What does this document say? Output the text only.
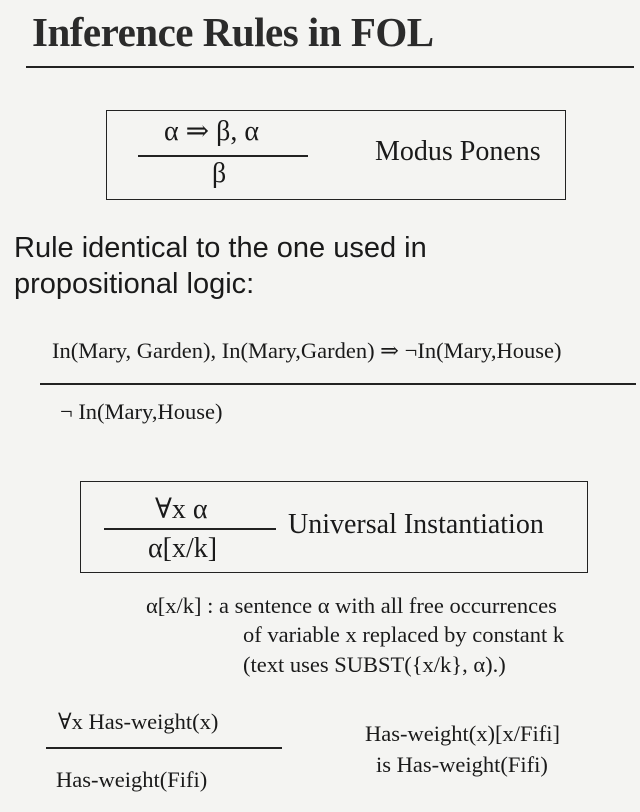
Inference Rules in FOL
α ⇒ β, α
β
Modus Ponens
Rule identical to the one used in
propositional logic:
In(Mary, Garden), In(Mary,Garden) ⇒ ¬In(Mary,House)
¬ In(Mary,House)
∀x α
α[x/k]
Universal Instantiation
α[x/k] : a sentence α with all free occurrences
of variable x replaced by constant k
(text uses SUBST({x/k}, α).)
∀x Has-weight(x)
Has-weight(Fifi)
Has-weight(x)[x/Fifi]
is Has-weight(Fifi)
